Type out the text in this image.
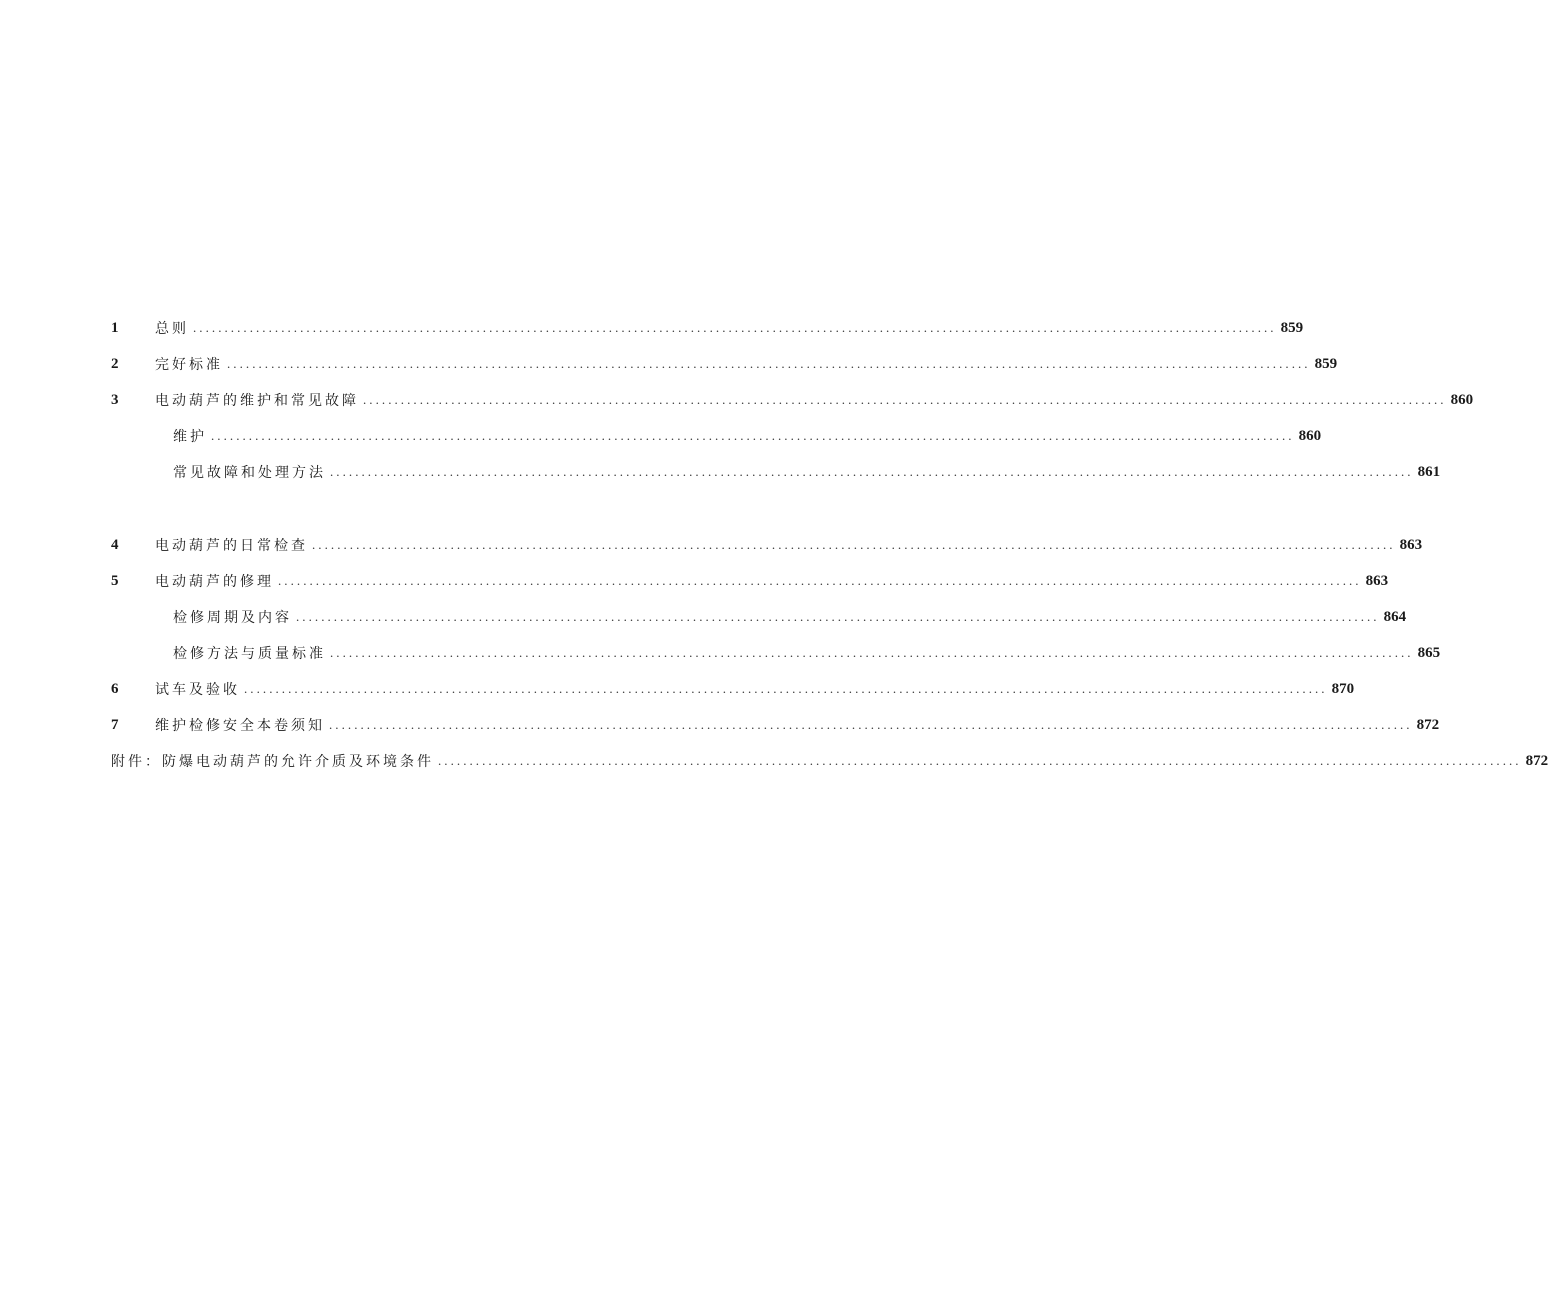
1	总则 ............................................................................................................................................................................ 859
2	完好标准 ............................................................................................................................................................................ 859
3	电动葫芦的维护和常见故障 ............................................................................................................................................................................ 860
维护 ............................................................................................................................................................................ 860
常见故障和处理方法 ............................................................................................................................................................................ 861
4	电动葫芦的日常检查 ............................................................................................................................................................................ 863
5	电动葫芦的修理 ............................................................................................................................................................................ 863
检修周期及内容 ............................................................................................................................................................................ 864
检修方法与质量标准 ............................................................................................................................................................................ 865
6	试车及验收 ............................................................................................................................................................................ 870
7	维护检修安全本卷须知 ............................................................................................................................................................................ 872
附件：防爆电动葫芦的允许介质及环境条件 ............................................................................................................................................................................ 872
